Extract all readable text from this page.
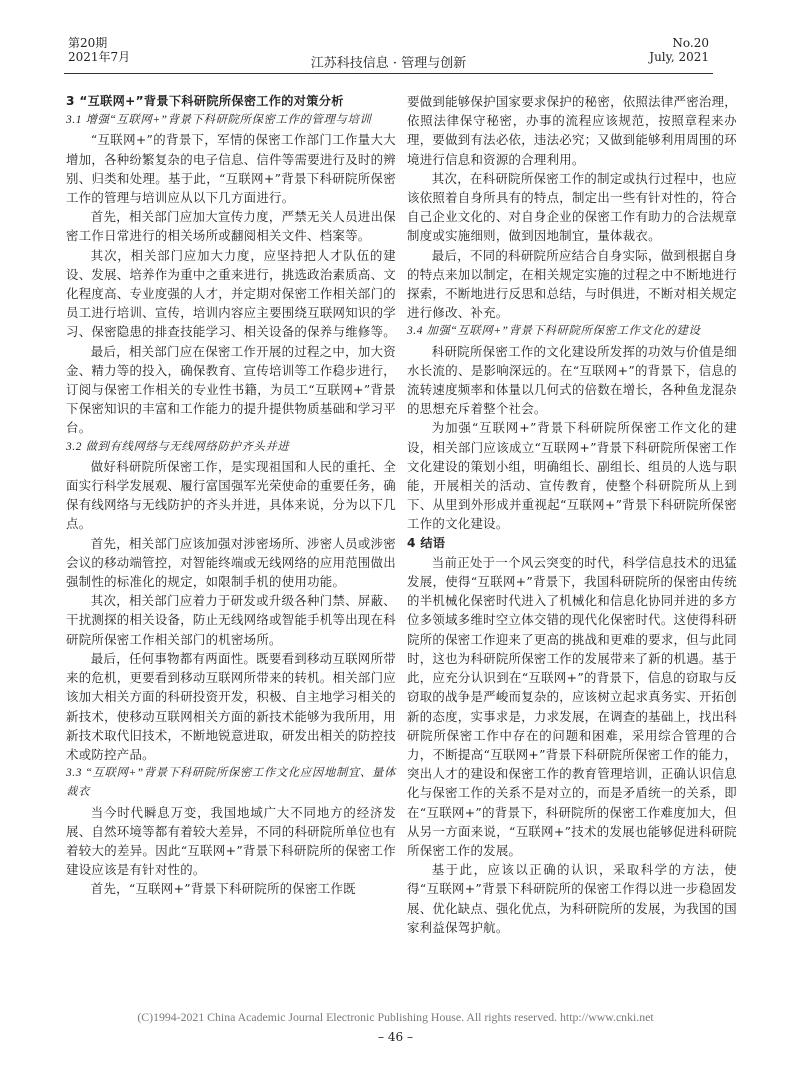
第20期
2021年7月	江苏科技信息 · 管理与创新
No.20
July, 2021
3 “互联网+”背景下科研院所保密工作的对策分析
3.1 增强“互联网+”背景下科研院所保密工作的管理与培训

“互联网+”的背景下，军情的保密工作部门工作量大大增加，各种纷繁复杂的电子信息、信件等需要进行及时的辨别、归类和处理。基于此，“互联网+”背景下科研院所保密工作的管理与培训应从以下几方面进行。

首先，相关部门应加大宣传力度，严禁无关人员进出保密工作日常进行的相关场所或翻阅相关文件、档案等。

其次，相关部门应加大力度，应坚持把人才队伍的建设、发展、培养作为重中之重来进行，挑选政治素质高、文化程度高、专业度强的人才，并定期对保密工作相关部门的员工进行培训、宣传，培训内容应主要围绕互联网知识的学习、保密隐患的排查技能学习、相关设备的保养与维修等。

最后，相关部门应在保密工作开展的过程之中，加大资金、精力等的投入，确保教育、宣传培训等工作稳步进行，订阅与保密工作相关的专业性书籍，为员工“互联网+”背景下保密知识的丰富和工作能力的提升提供物质基础和学习平台。

3.2 做到有线网络与无线网络防护齐头并进

做好科研院所保密工作，是实现祖国和人民的重托、全面实行科学发展观、履行富国强军光荣使命的重要任务，确保有线网络与无线防护的齐头并进，具体来说，分为以下几点。

首先，相关部门应该加强对涉密场所、涉密人员或涉密会议的移动端管控，对智能终端或无线网络的应用范围做出强制性的标准化的规定，如限制手机的使用功能。

其次，相关部门应着力于研发或升级各种门禁、屏蔽、干扰测探的相关设备，防止无线网络或智能手机等出现在科研院所保密工作相关部门的机密场所。

最后，任何事物都有两面性。既要看到移动互联网所带来的危机，更要看到移动互联网所带来的转机。相关部门应该加大相关方面的科研投资开发，积极、自主地学习相关的新技术，使移动互联网相关方面的新技术能够为我所用，用新技术取代旧技术，不断地锐意进取，研发出相关的防控技术或防控产品。

3.3 “互联网+”背景下科研院所保密工作文化应因地制宜、量体裁衣

当今时代瞬息万变，我国地域广大不同地方的经济发展、自然环境等都有着较大差异，不同的科研院所单位也有着较大的差异。因此“互联网+”背景下科研院所的保密工作建设应该是有针对性的。

首先，“互联网+”背景下科研院所的保密工作既

要做到能够保护国家要求保护的秘密，依照法律严密治理，依照法律保守秘密，办事的流程应该规范，按照章程来办理，要做到有法必依，违法必究；又做到能够利用周围的环境进行信息和资源的合理利用。

其次，在科研院所保密工作的制定或执行过程中，也应该依照着自身所具有的特点，制定出一些有针对性的，符合自己企业文化的、对自身企业的保密工作有助力的合法规章制度或实施细则，做到因地制宜，量体裁衣。

最后，不同的科研院所应结合自身实际，做到根据自身的特点来加以制定，在相关规定实施的过程之中不断地进行探索，不断地进行反思和总结，与时俱进，不断对相关规定进行修改、补充。

3.4 加强“互联网+”背景下科研院所保密工作文化的建设

科研院所保密工作的文化建设所发挥的功效与价值是细水长流的、是影响深远的。在“互联网+”的背景下，信息的流转速度频率和体量以几何式的倍数在增长，各种鱼龙混杂的思想充斥着整个社会。

为加强“互联网+”背景下科研院所保密工作文化的建设，相关部门应该成立“互联网+”背景下科研院所保密工作文化建设的策划小组，明确组长、副组长、组员的人选与职能，开展相关的活动、宣传教育，使整个科研院所从上到下、从里到外形成并重视起“互联网+”背景下科研院所保密工作的文化建设。

4 结语

当前正处于一个风云突变的时代，科学信息技术的迅猛发展，使得“互联网+”背景下，我国科研院所的保密由传统的半机械化保密时代进入了机械化和信息化协同并进的多方位多领域多维时空立体交错的现代化保密时代。这使得科研院所的保密工作迎来了更高的挑战和更难的要求，但与此同时，这也为科研院所保密工作的发展带来了新的机遇。基于此，应充分认识到在“互联网+”的背景下，信息的窃取与反窃取的战争是严峻而复杂的，应该树立起求真务实、开拓创新的态度，实事求是，力求发展，在调查的基础上，找出科研院所保密工作中存在的问题和困难，采用综合管理的合力，不断提高“互联网+”背景下科研院所保密工作的能力，突出人才的建设和保密工作的教育管理培训，正确认识信息化与保密工作的关系不是对立的，而是矛盾统一的关系，即在“互联网+”的背景下，科研院所的保密工作难度加大，但从另一方面来说，“互联网+”技术的发展也能够促进科研院所保密工作的发展。

基于此，应该以正确的认识，采取科学的方法，使得“互联网+”背景下科研院所的保密工作得以进一步稳固发展、优化缺点、强化优点，为科研院所的发展，为我国的国家利益保驾护航。

(C)1994-2021 China Academic Journal Electronic Publishing House. All rights reserved. http://www.cnki.net
– 46 –
